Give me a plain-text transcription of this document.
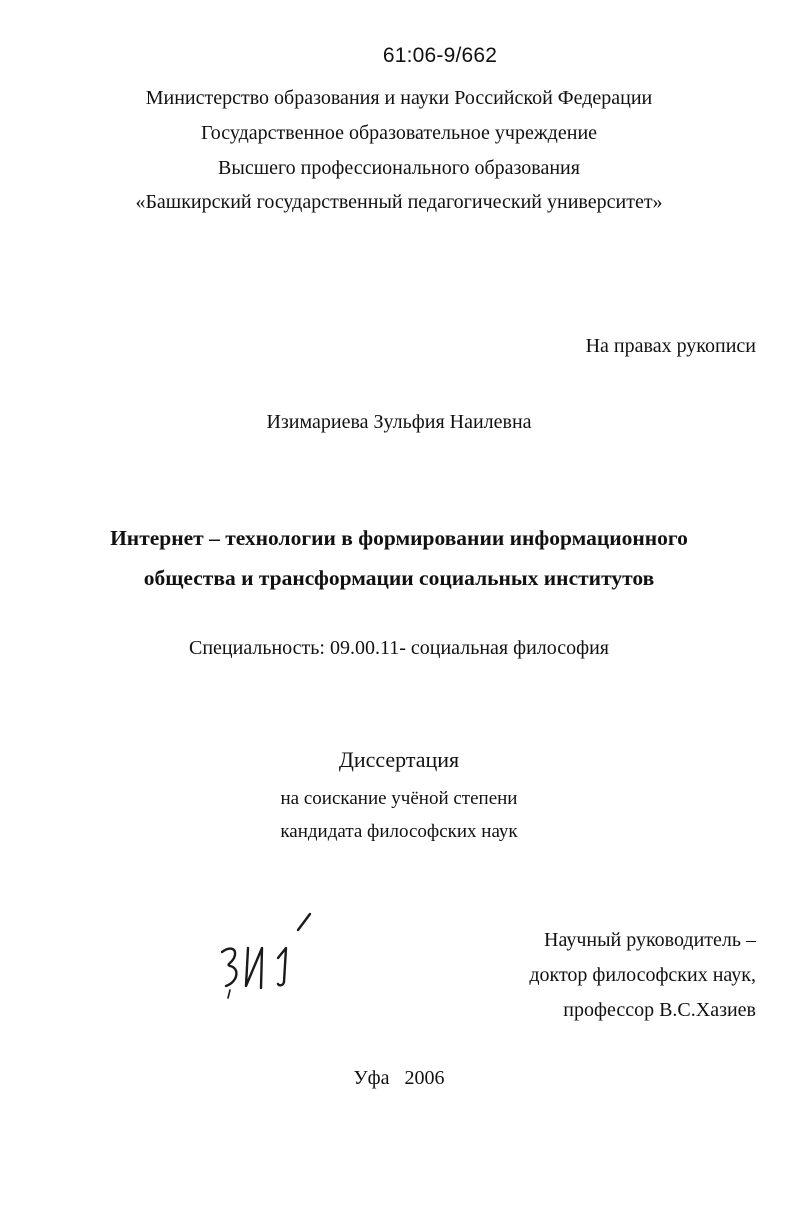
61:06-9/662
Министерство образования и науки Российской Федерации
Государственное образовательное учреждение
Высшего профессионального образования
«Башкирский государственный педагогический университет»
На правах рукописи
Изимариева Зульфия Наилевна
Интернет – технологии в формировании информационного
общества и трансформации социальных институтов
Специальность: 09.00.11- социальная философия
Диссертация
на соискание учёной степени
кандидата философских наук
Научный руководитель –
доктор философских наук,
профессор В.С.Хазиев
Уфа   2006
